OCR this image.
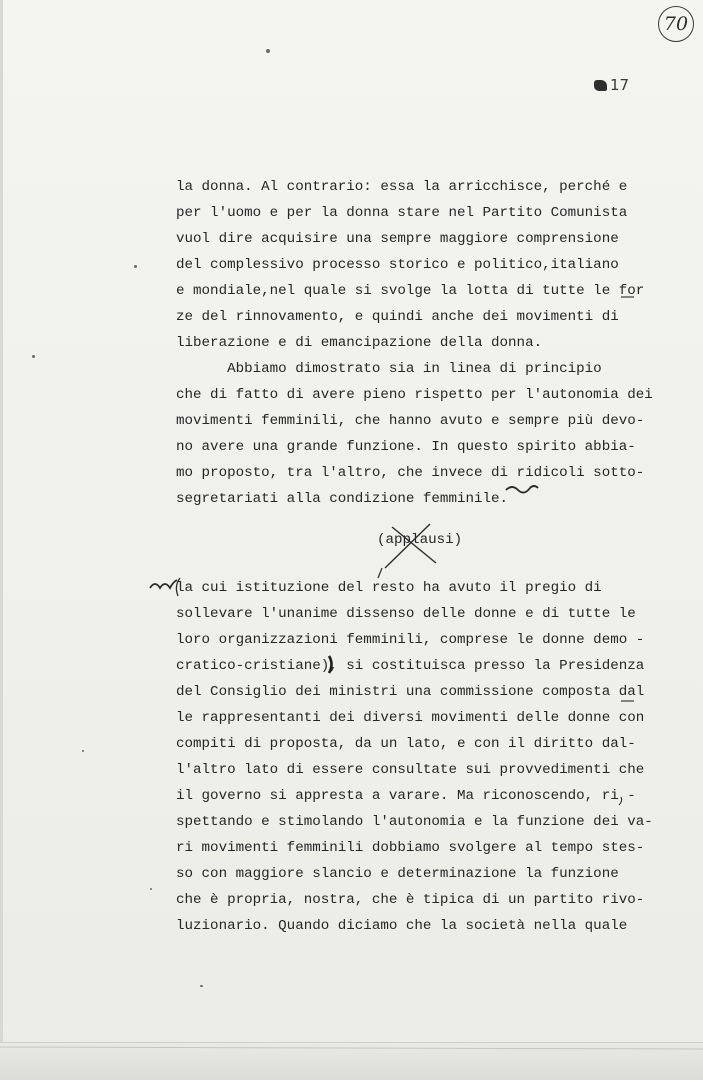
70
17
la donna. Al contrario: essa la arricchisce, perché e
per l'uomo e per la donna stare nel Partito Comunista
vuol dire acquisire una sempre maggiore comprensione
del complessivo processo storico e politico,italiano
e mondiale,nel quale si svolge la lotta di tutte le for
ze del rinnovamento, e quindi anche dei movimenti di
liberazione e di emancipazione della donna.
Abbiamo dimostrato sia in linea di principio
che di fatto di avere pieno rispetto per l'autonomia dei
movimenti femminili, che hanno avuto e sempre più devo-
no avere una grande funzione. In questo spirito abbia-
mo proposto, tra l'altro, che invece di ridicoli sotto-
segretariati alla condizione femminile.
(applausi)
la cui istituzione del resto ha avuto il pregio di
sollevare l'unanime dissenso delle donne e di tutte le
loro organizzazioni femminili, comprese le donne demo -
cratico-cristiane), si costituisca presso la Presidenza
del Consiglio dei ministri una commissione composta dal
le rappresentanti dei diversi movimenti delle donne con
compiti di proposta, da un lato, e con il diritto dal-
l'altro lato di essere consultate sui provvedimenti che
il governo si appresta a varare. Ma riconoscendo, ri -
spettando e stimolando l'autonomia e la funzione dei va-
ri movimenti femminili dobbiamo svolgere al tempo stes-
so con maggiore slancio e determinazione la funzione
che è propria, nostra, che è tipica di un partito rivo-
luzionario. Quando diciamo che la società nella quale
